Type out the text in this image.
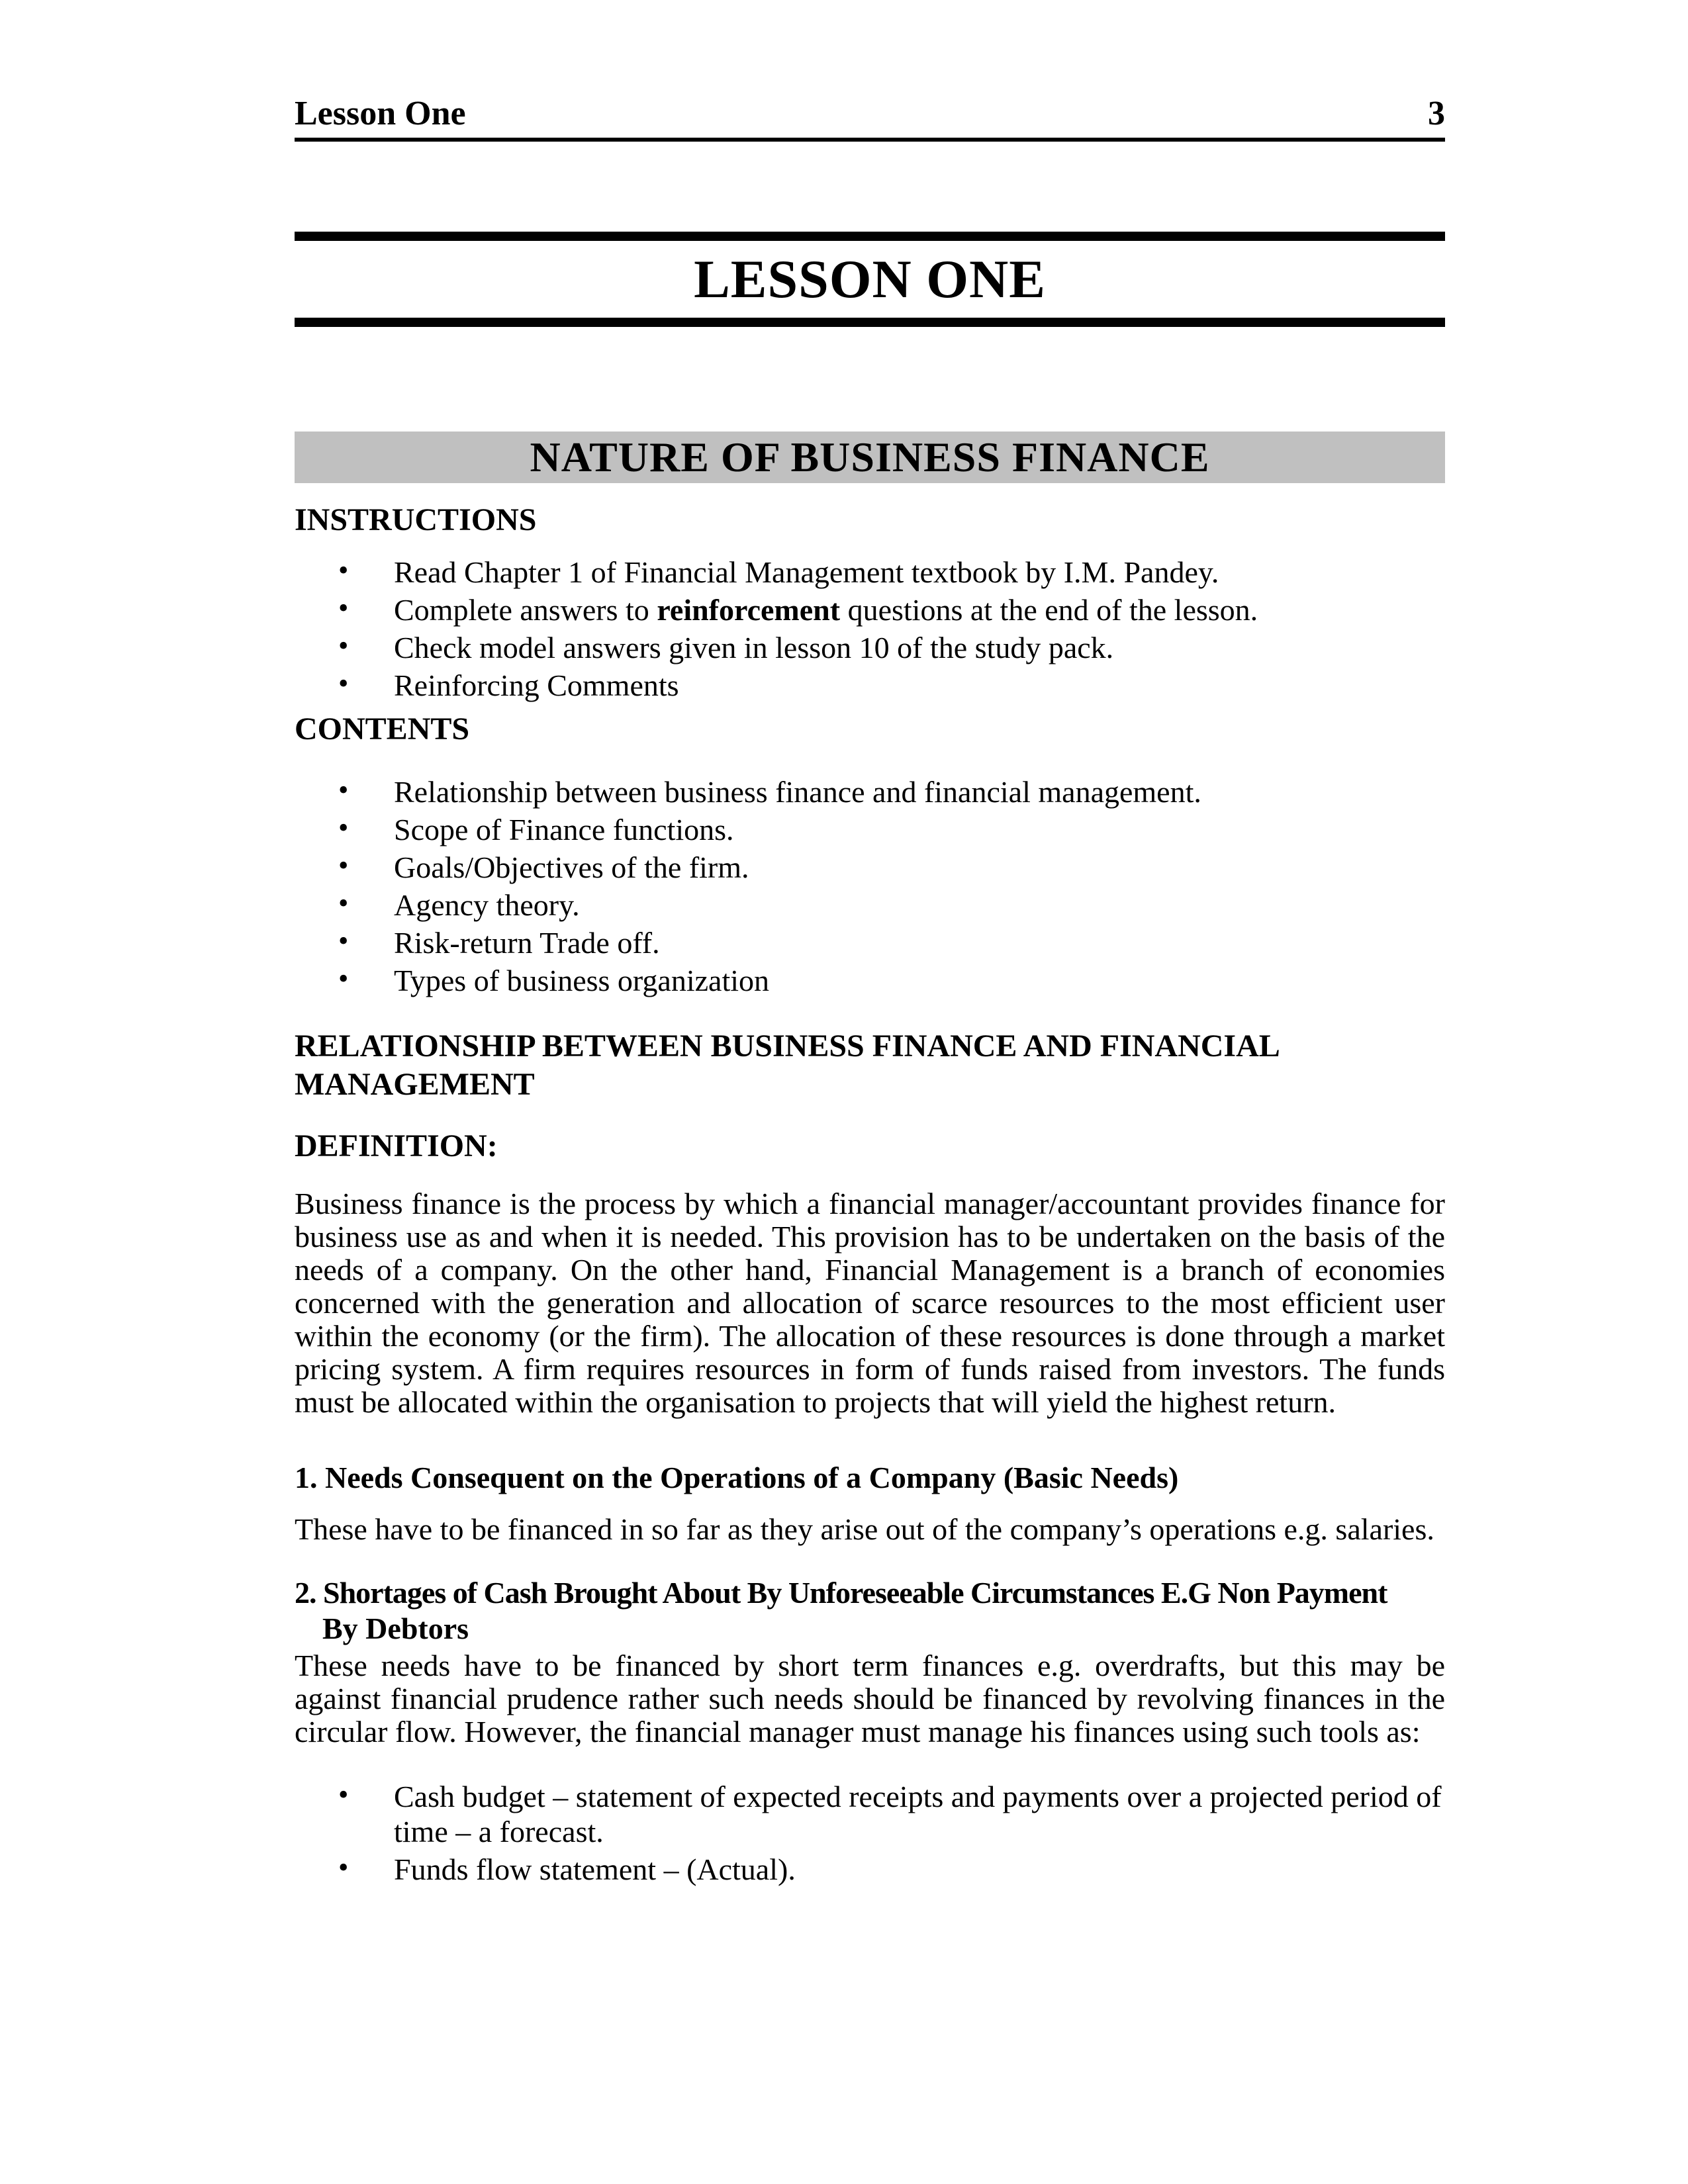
Lesson One	3
LESSON ONE
NATURE OF BUSINESS FINANCE
INSTRUCTIONS
• Read Chapter 1 of Financial Management textbook by I.M. Pandey.
• Complete answers to reinforcement questions at the end of the lesson.
• Check model answers given in lesson 10 of the study pack.
• Reinforcing Comments
CONTENTS
• Relationship between business finance and financial management.
• Scope of Finance functions.
• Goals/Objectives of the firm.
• Agency theory.
• Risk-return Trade off.
• Types of business organization
RELATIONSHIP BETWEEN BUSINESS FINANCE AND FINANCIAL
MANAGEMENT
DEFINITION:

Business finance is the process by which a financial manager/accountant provides finance for business use as and when it is needed. This provision has to be undertaken on the basis of the needs of a company. On the other hand, Financial Management is a branch of economies concerned with the generation and allocation of scarce resources to the most efficient user within the economy (or the firm). The allocation of these resources is done through a market pricing system. A firm requires resources in form of funds raised from investors. The funds must be allocated within the organisation to projects that will yield the highest return.

1. Needs Consequent on the Operations of a Company (Basic Needs)

These have to be financed in so far as they arise out of the company’s operations e.g. salaries.

2. Shortages of Cash Brought About By Unforeseeable Circumstances E.G Non Payment
By Debtors

These needs have to be financed by short term finances e.g. overdrafts, but this may be against financial prudence rather such needs should be financed by revolving finances in the circular flow. However, the financial manager must manage his finances using such tools as:

• Cash budget – statement of expected receipts and payments over a projected period of time – a forecast.
• Funds flow statement – (Actual).
